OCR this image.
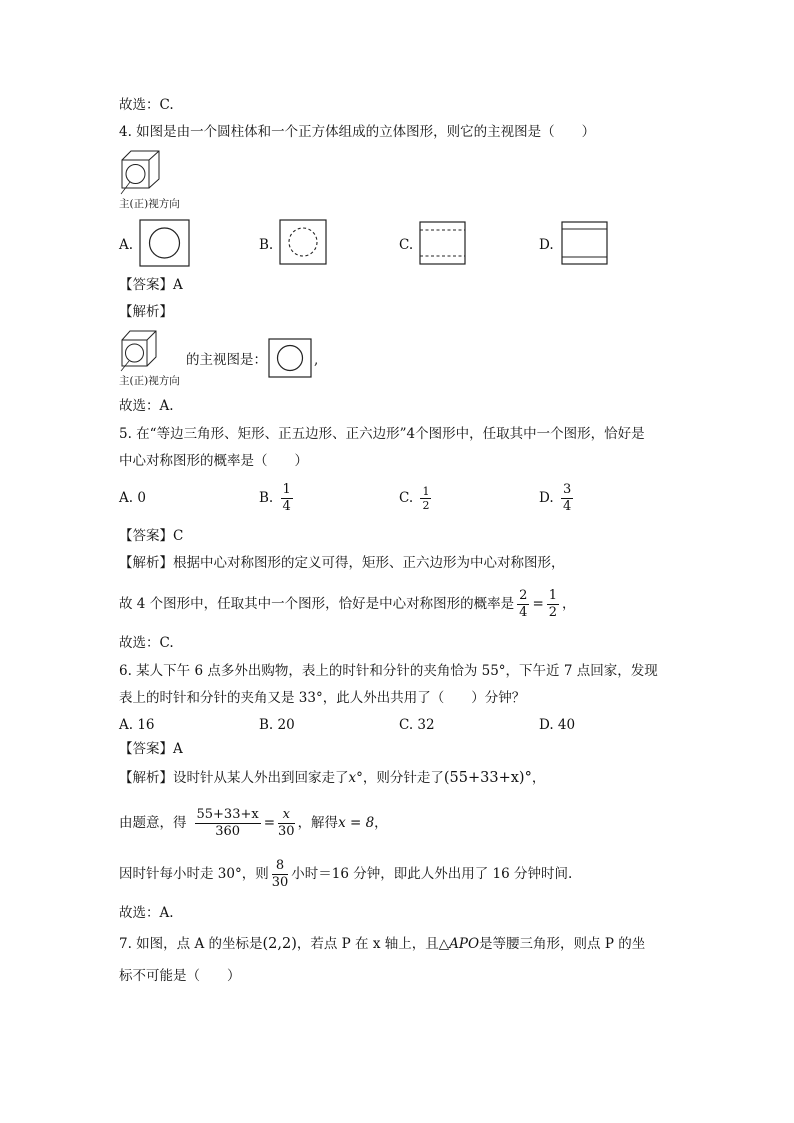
故选：C.
4. 如图是由一个圆柱体和一个正方体组成的立体图形，则它的主视图是（　　）
主(正)视方向
A.	B.	C.	D.
【答案】A
【解析】
主(正)视方向
的主视图是：	,
故选：A.
5. 在“等边三角形、矩形、正五边形、正六边形”4个图形中，任取其中一个图形，恰好是
中心对称图形的概率是（　　）
A. 0	B. $\frac{1}{4}$	C. $\frac{1}{2}$	D. $\frac{3}{4}$
【答案】C
【解析】根据中心对称图形的定义可得，矩形、正六边形为中心对称图形，
故 4 个图形中，任取其中一个图形，恰好是中心对称图形的概率是 $\frac{2}{4} = \frac{1}{2}$ ，
故选：C.
6. 某人下午 6 点多外出购物，表上的时针和分针的夹角恰为 55°，下午近 7 点回家，发现
表上的时针和分针的夹角又是 33°，此人外出共用了（　　）分钟？
A. 16	B. 20	C. 32	D. 40
【答案】A
【解析】设时针从某人外出到回家走了x°，则分针走了(55+33+x)°，
由题意，得 $\frac{55+33+x}{360} = \frac{x}{30}$ ，解得x = 8，
因时针每小时走 30°，则 $\frac{8}{30}$ 小时＝16 分钟，即此人外出用了 16 分钟时间.
故选：A.
7. 如图，点 A 的坐标是(2,2)，若点 P 在 x 轴上，且△APO是等腰三角形，则点 P 的坐
标不可能是（　　）
